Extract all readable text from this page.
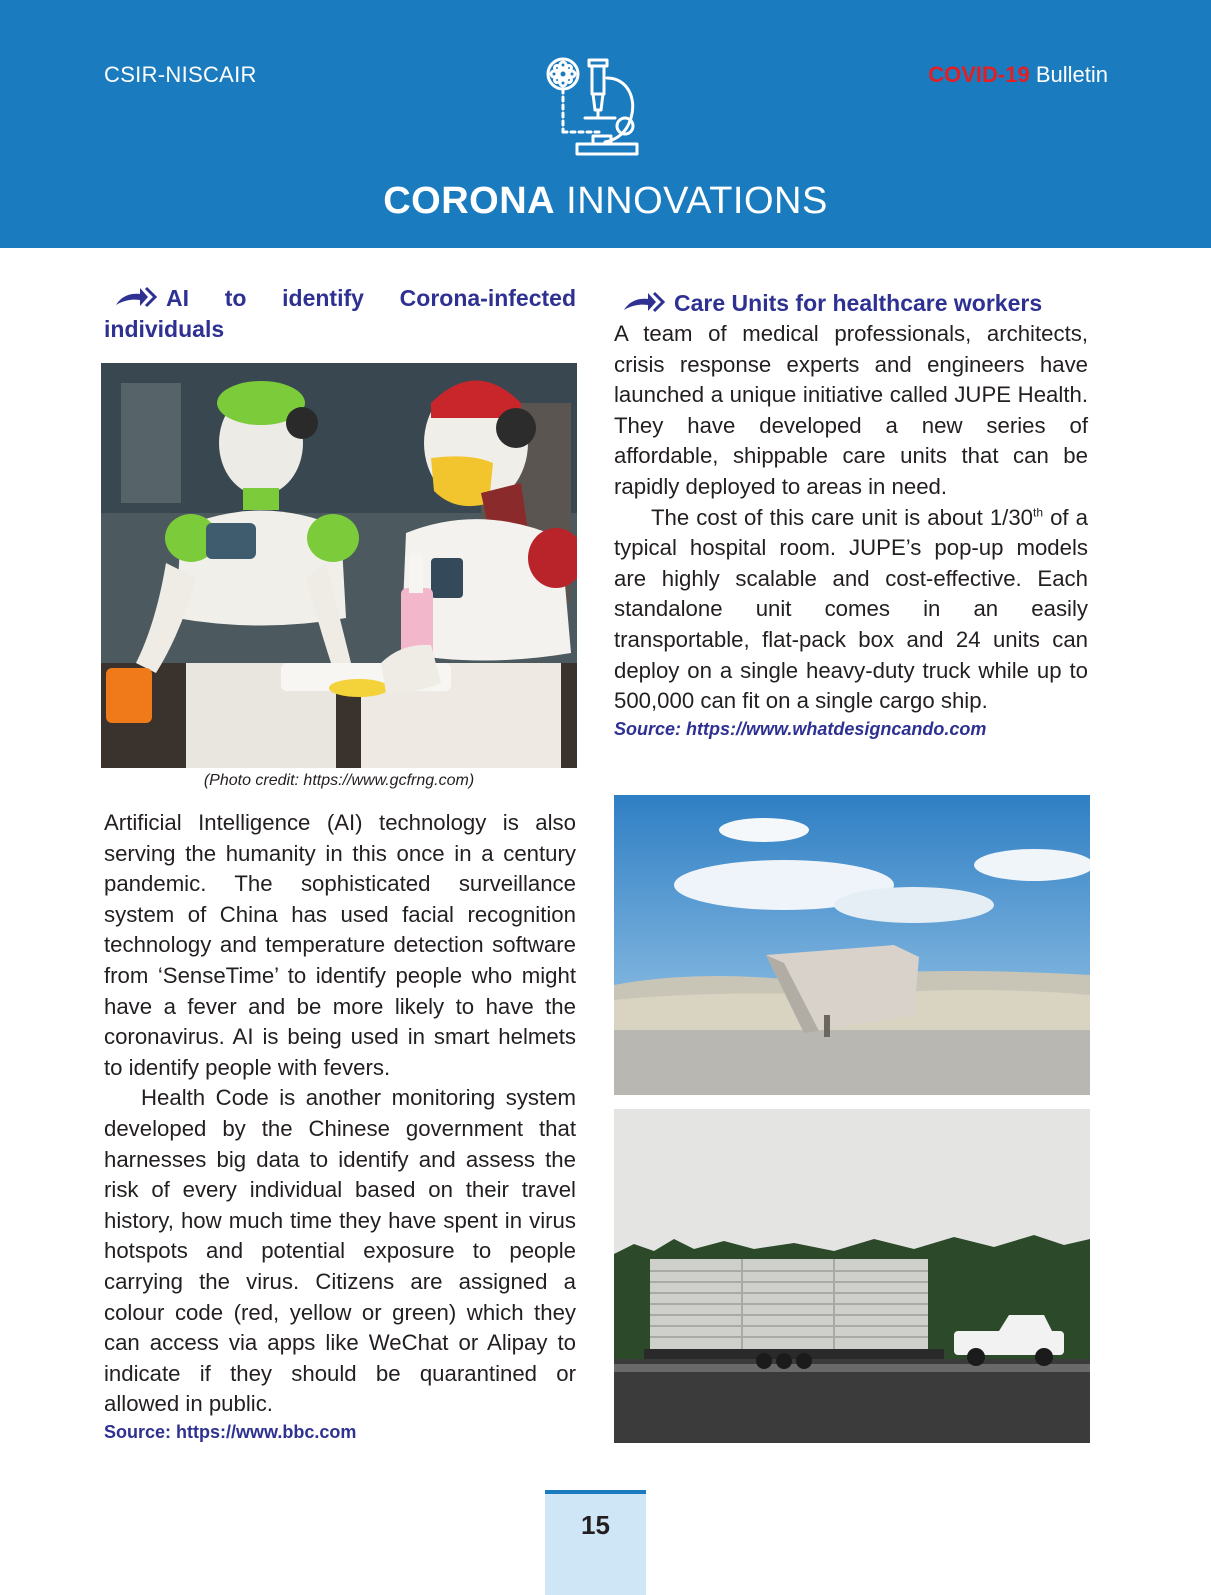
CSIR-NISCAIR	COVID-19 Bulletin
CORONA INNOVATIONS
AI to identify Corona-infected individuals
(Photo credit: https://www.gcfrng.com)

Artificial Intelligence (AI) technology is also serving the humanity in this once in a century pandemic. The sophisticated surveillance system of China has used facial recognition technology and temperature detection software from ‘SenseTime’ to identify people who might have a fever and be more likely to have the coronavirus. AI is being used in smart helmets to identify people with fevers.

Health Code is another monitoring system developed by the Chinese government that harnesses big data to identify and assess the risk of every individual based on their travel history, how much time they have spent in virus hotspots and potential exposure to people carrying the virus. Citizens are assigned a colour code (red, yellow or green) which they can access via apps like WeChat or Alipay to indicate if they should be quarantined or allowed in public.

Source: https://www.bbc.com

Care Units for healthcare workers

A team of medical professionals, architects, crisis response experts and engineers have launched a unique initiative called JUPE Health. They have developed a new series of affordable, shippable care units that can be rapidly deployed to areas in need.

The cost of this care unit is about 1/30th of a typical hospital room. JUPE’s pop-up models are highly scalable and cost-effective. Each standalone unit comes in an easily transportable, flat-pack box and 24 units can deploy on a single heavy-duty truck while up to 500,000 can fit on a single cargo ship.

Source: https://www.whatdesigncando.com

15
